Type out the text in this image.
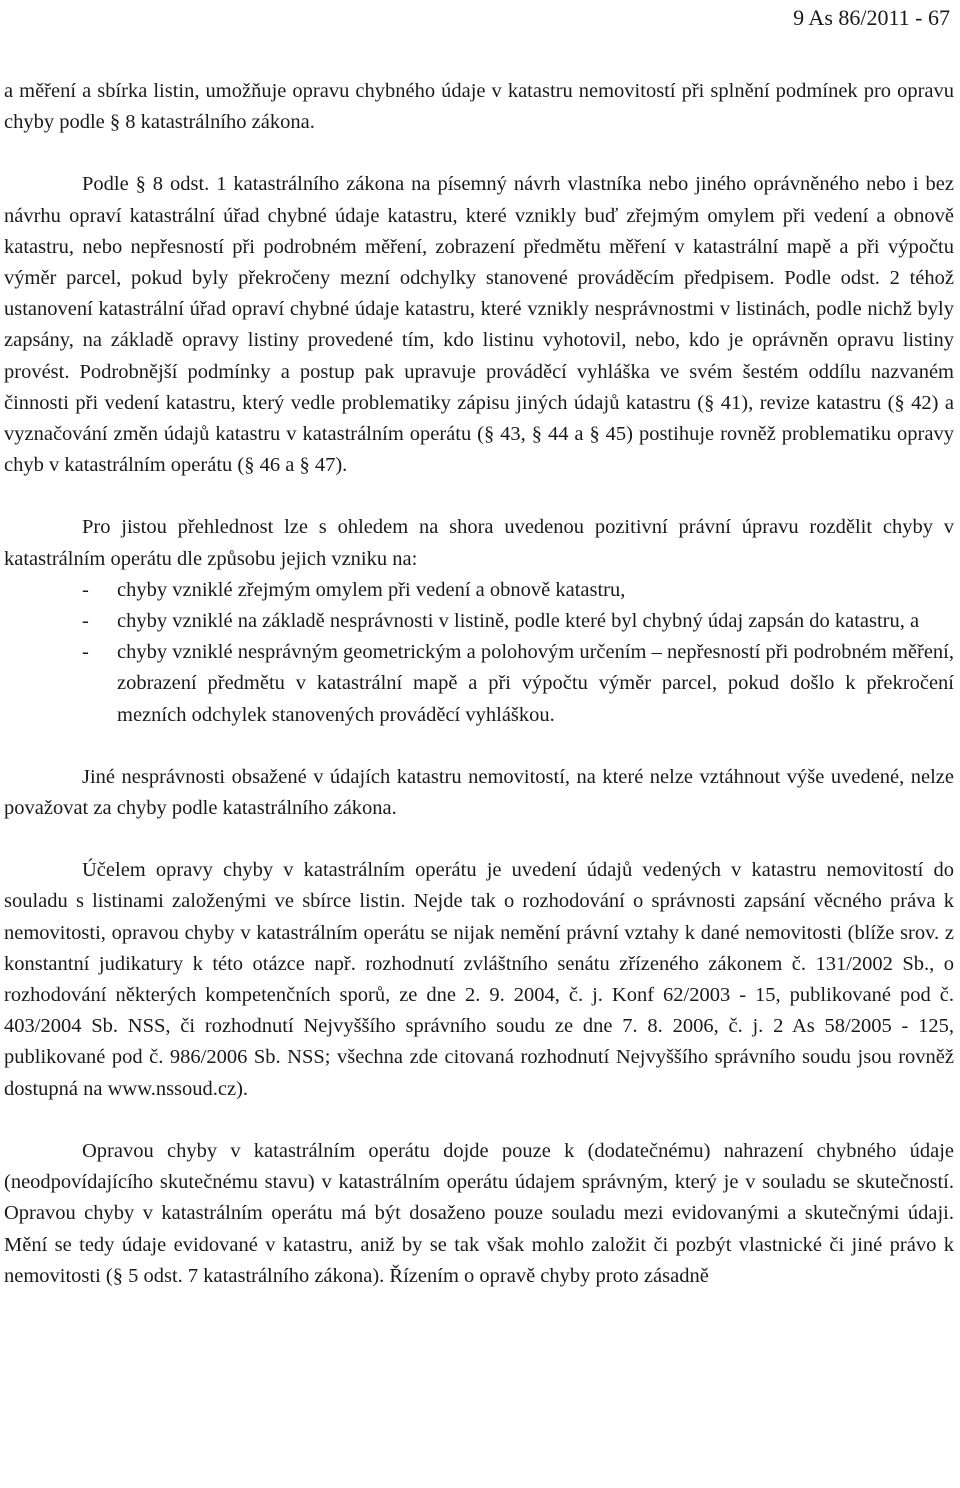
9 As 86/2011 - 67

a měření a sbírka listin, umožňuje opravu chybného údaje v katastru nemovitostí při splnění podmínek pro opravu chyby podle § 8 katastrálního zákona.

Podle § 8 odst. 1 katastrálního zákona na písemný návrh vlastníka nebo jiného oprávněného nebo i bez návrhu opraví katastrální úřad chybné údaje katastru, které vznikly buď zřejmým omylem při vedení a obnově katastru, nebo nepřesností při podrobném měření, zobrazení předmětu měření v katastrální mapě a při výpočtu výměr parcel, pokud byly překročeny mezní odchylky stanovené prováděcím předpisem. Podle odst. 2 téhož ustanovení katastrální úřad opraví chybné údaje katastru, které vznikly nesprávnostmi v listinách, podle nichž byly zapsány, na základě opravy listiny provedené tím, kdo listinu vyhotovil, nebo, kdo je oprávněn opravu listiny provést. Podrobnější podmínky a postup pak upravuje prováděcí vyhláška ve svém šestém oddílu nazvaném činnosti při vedení katastru, který vedle problematiky zápisu jiných údajů katastru (§ 41), revize katastru (§ 42) a vyznačování změn údajů katastru v katastrálním operátu (§ 43, § 44 a § 45) postihuje rovněž problematiku opravy chyb v katastrálním operátu (§ 46 a § 47).

Pro jistou přehlednost lze s ohledem na shora uvedenou pozitivní právní úpravu rozdělit chyby v katastrálním operátu dle způsobu jejich vzniku na:

- chyby vzniklé zřejmým omylem při vedení a obnově katastru,
- chyby vzniklé na základě nesprávnosti v listině, podle které byl chybný údaj zapsán do katastru, a
- chyby vzniklé nesprávným geometrickým a polohovým určením – nepřesností při podrobném měření, zobrazení předmětu v katastrální mapě a při výpočtu výměr parcel, pokud došlo k překročení mezních odchylek stanovených prováděcí vyhláškou.

Jiné nesprávnosti obsažené v údajích katastru nemovitostí, na které nelze vztáhnout výše uvedené, nelze považovat za chyby podle katastrálního zákona.

Účelem opravy chyby v katastrálním operátu je uvedení údajů vedených v katastru nemovitostí do souladu s listinami založenými ve sbírce listin. Nejde tak o rozhodování o správnosti zapsání věcného práva k nemovitosti, opravou chyby v katastrálním operátu se nijak nemění právní vztahy k dané nemovitosti (blíže srov. z konstantní judikatury k této otázce např. rozhodnutí zvláštního senátu zřízeného zákonem č. 131/2002 Sb., o rozhodování některých kompetenčních sporů, ze dne 2. 9. 2004, č. j. Konf 62/2003 - 15, publikované pod č. 403/2004 Sb. NSS, či rozhodnutí Nejvyššího správního soudu ze dne 7. 8. 2006, č. j. 2 As 58/2005 - 125, publikované pod č. 986/2006 Sb. NSS; všechna zde citovaná rozhodnutí Nejvyššího správního soudu jsou rovněž dostupná na www.nssoud.cz).

Opravou chyby v katastrálním operátu dojde pouze k (dodatečnému) nahrazení chybného údaje (neodpovídajícího skutečnému stavu) v katastrálním operátu údajem správným, který je v souladu se skutečností. Opravou chyby v katastrálním operátu má být dosaženo pouze souladu mezi evidovanými a skutečnými údaji. Mění se tedy údaje evidované v katastru, aniž by se tak však mohlo založit či pozbýt vlastnické či jiné právo k nemovitosti (§ 5 odst. 7 katastrálního zákona). Řízením o opravě chyby proto zásadně
